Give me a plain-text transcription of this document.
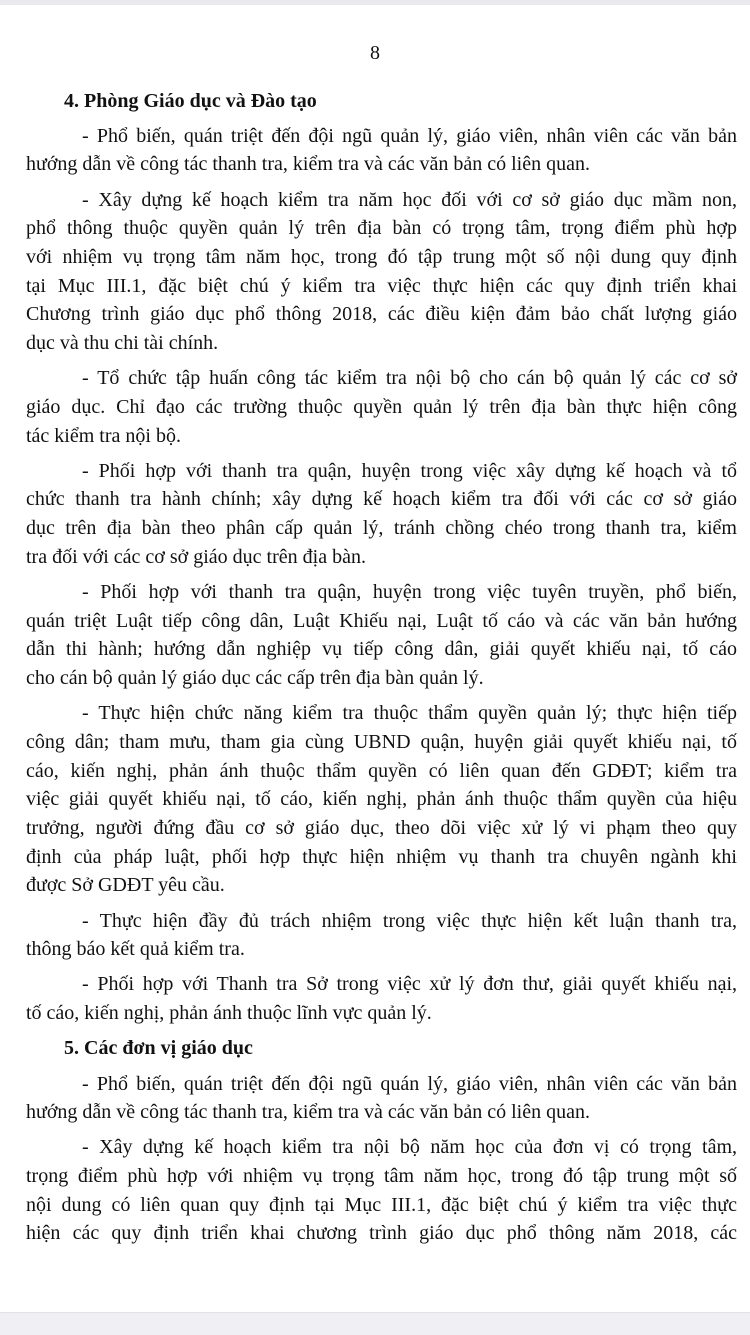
8
4. Phòng Giáo dục và Đào tạo
- Phổ biến, quán triệt đến đội ngũ quản lý, giáo viên, nhân viên các văn bản
hướng dẫn về công tác thanh tra, kiểm tra và các văn bản có liên quan.
- Xây dựng kế hoạch kiểm tra năm học đối với cơ sở giáo dục mầm non,
phổ thông thuộc quyền quản lý trên địa bàn có trọng tâm, trọng điểm phù hợp
với nhiệm vụ trọng tâm năm học, trong đó tập trung một số nội dung quy định
tại Mục III.1, đặc biệt chú ý kiểm tra việc thực hiện các quy định triển khai
Chương trình giáo dục phổ thông 2018, các điều kiện đảm bảo chất lượng giáo
dục và thu chi tài chính.
- Tổ chức tập huấn công tác kiểm tra nội bộ cho cán bộ quản lý các cơ sở
giáo dục. Chỉ đạo các trường thuộc quyền quản lý trên địa bàn thực hiện công
tác kiểm tra nội bộ.
- Phối hợp với thanh tra quận, huyện trong việc xây dựng kế hoạch và tổ
chức thanh tra hành chính; xây dựng kế hoạch kiểm tra đối với các cơ sở giáo
dục trên địa bàn theo phân cấp quản lý, tránh chồng chéo trong thanh tra, kiểm
tra đối với các cơ sở giáo dục trên địa bàn.
- Phối hợp với thanh tra quận, huyện trong việc tuyên truyền, phổ biến,
quán triệt Luật tiếp công dân, Luật Khiếu nại, Luật tố cáo và các văn bản hướng
dẫn thi hành; hướng dẫn nghiệp vụ tiếp công dân, giải quyết khiếu nại, tố cáo
cho cán bộ quản lý giáo dục các cấp trên địa bàn quản lý.
- Thực hiện chức năng kiểm tra thuộc thẩm quyền quản lý; thực hiện tiếp
công dân; tham mưu, tham gia cùng UBND quận, huyện giải quyết khiếu nại, tố
cáo, kiến nghị, phản ánh thuộc thẩm quyền có liên quan đến GDĐT; kiểm tra
việc giải quyết khiếu nại, tố cáo, kiến nghị, phản ánh thuộc thẩm quyền của hiệu
trưởng, người đứng đầu cơ sở giáo dục, theo dõi việc xử lý vi phạm theo quy
định của pháp luật, phối hợp thực hiện nhiệm vụ thanh tra chuyên ngành khi
được Sở GDĐT yêu cầu.
- Thực hiện đầy đủ trách nhiệm trong việc thực hiện kết luận thanh tra,
thông báo kết quả kiểm tra.
- Phối hợp với Thanh tra Sở trong việc xử lý đơn thư, giải quyết khiếu nại,
tố cáo, kiến nghị, phản ánh thuộc lĩnh vực quản lý.
5. Các đơn vị giáo dục
- Phổ biến, quán triệt đến đội ngũ quán lý, giáo viên, nhân viên các văn bản
hướng dẫn về công tác thanh tra, kiểm tra và các văn bản có liên quan.
- Xây dựng kế hoạch kiểm tra nội bộ năm học của đơn vị có trọng tâm,
trọng điểm phù hợp với nhiệm vụ trọng tâm năm học, trong đó tập trung một số
nội dung có liên quan quy định tại Mục III.1, đặc biệt chú ý kiểm tra việc thực
hiện các quy định triển khai chương trình giáo dục phổ thông năm 2018, các
